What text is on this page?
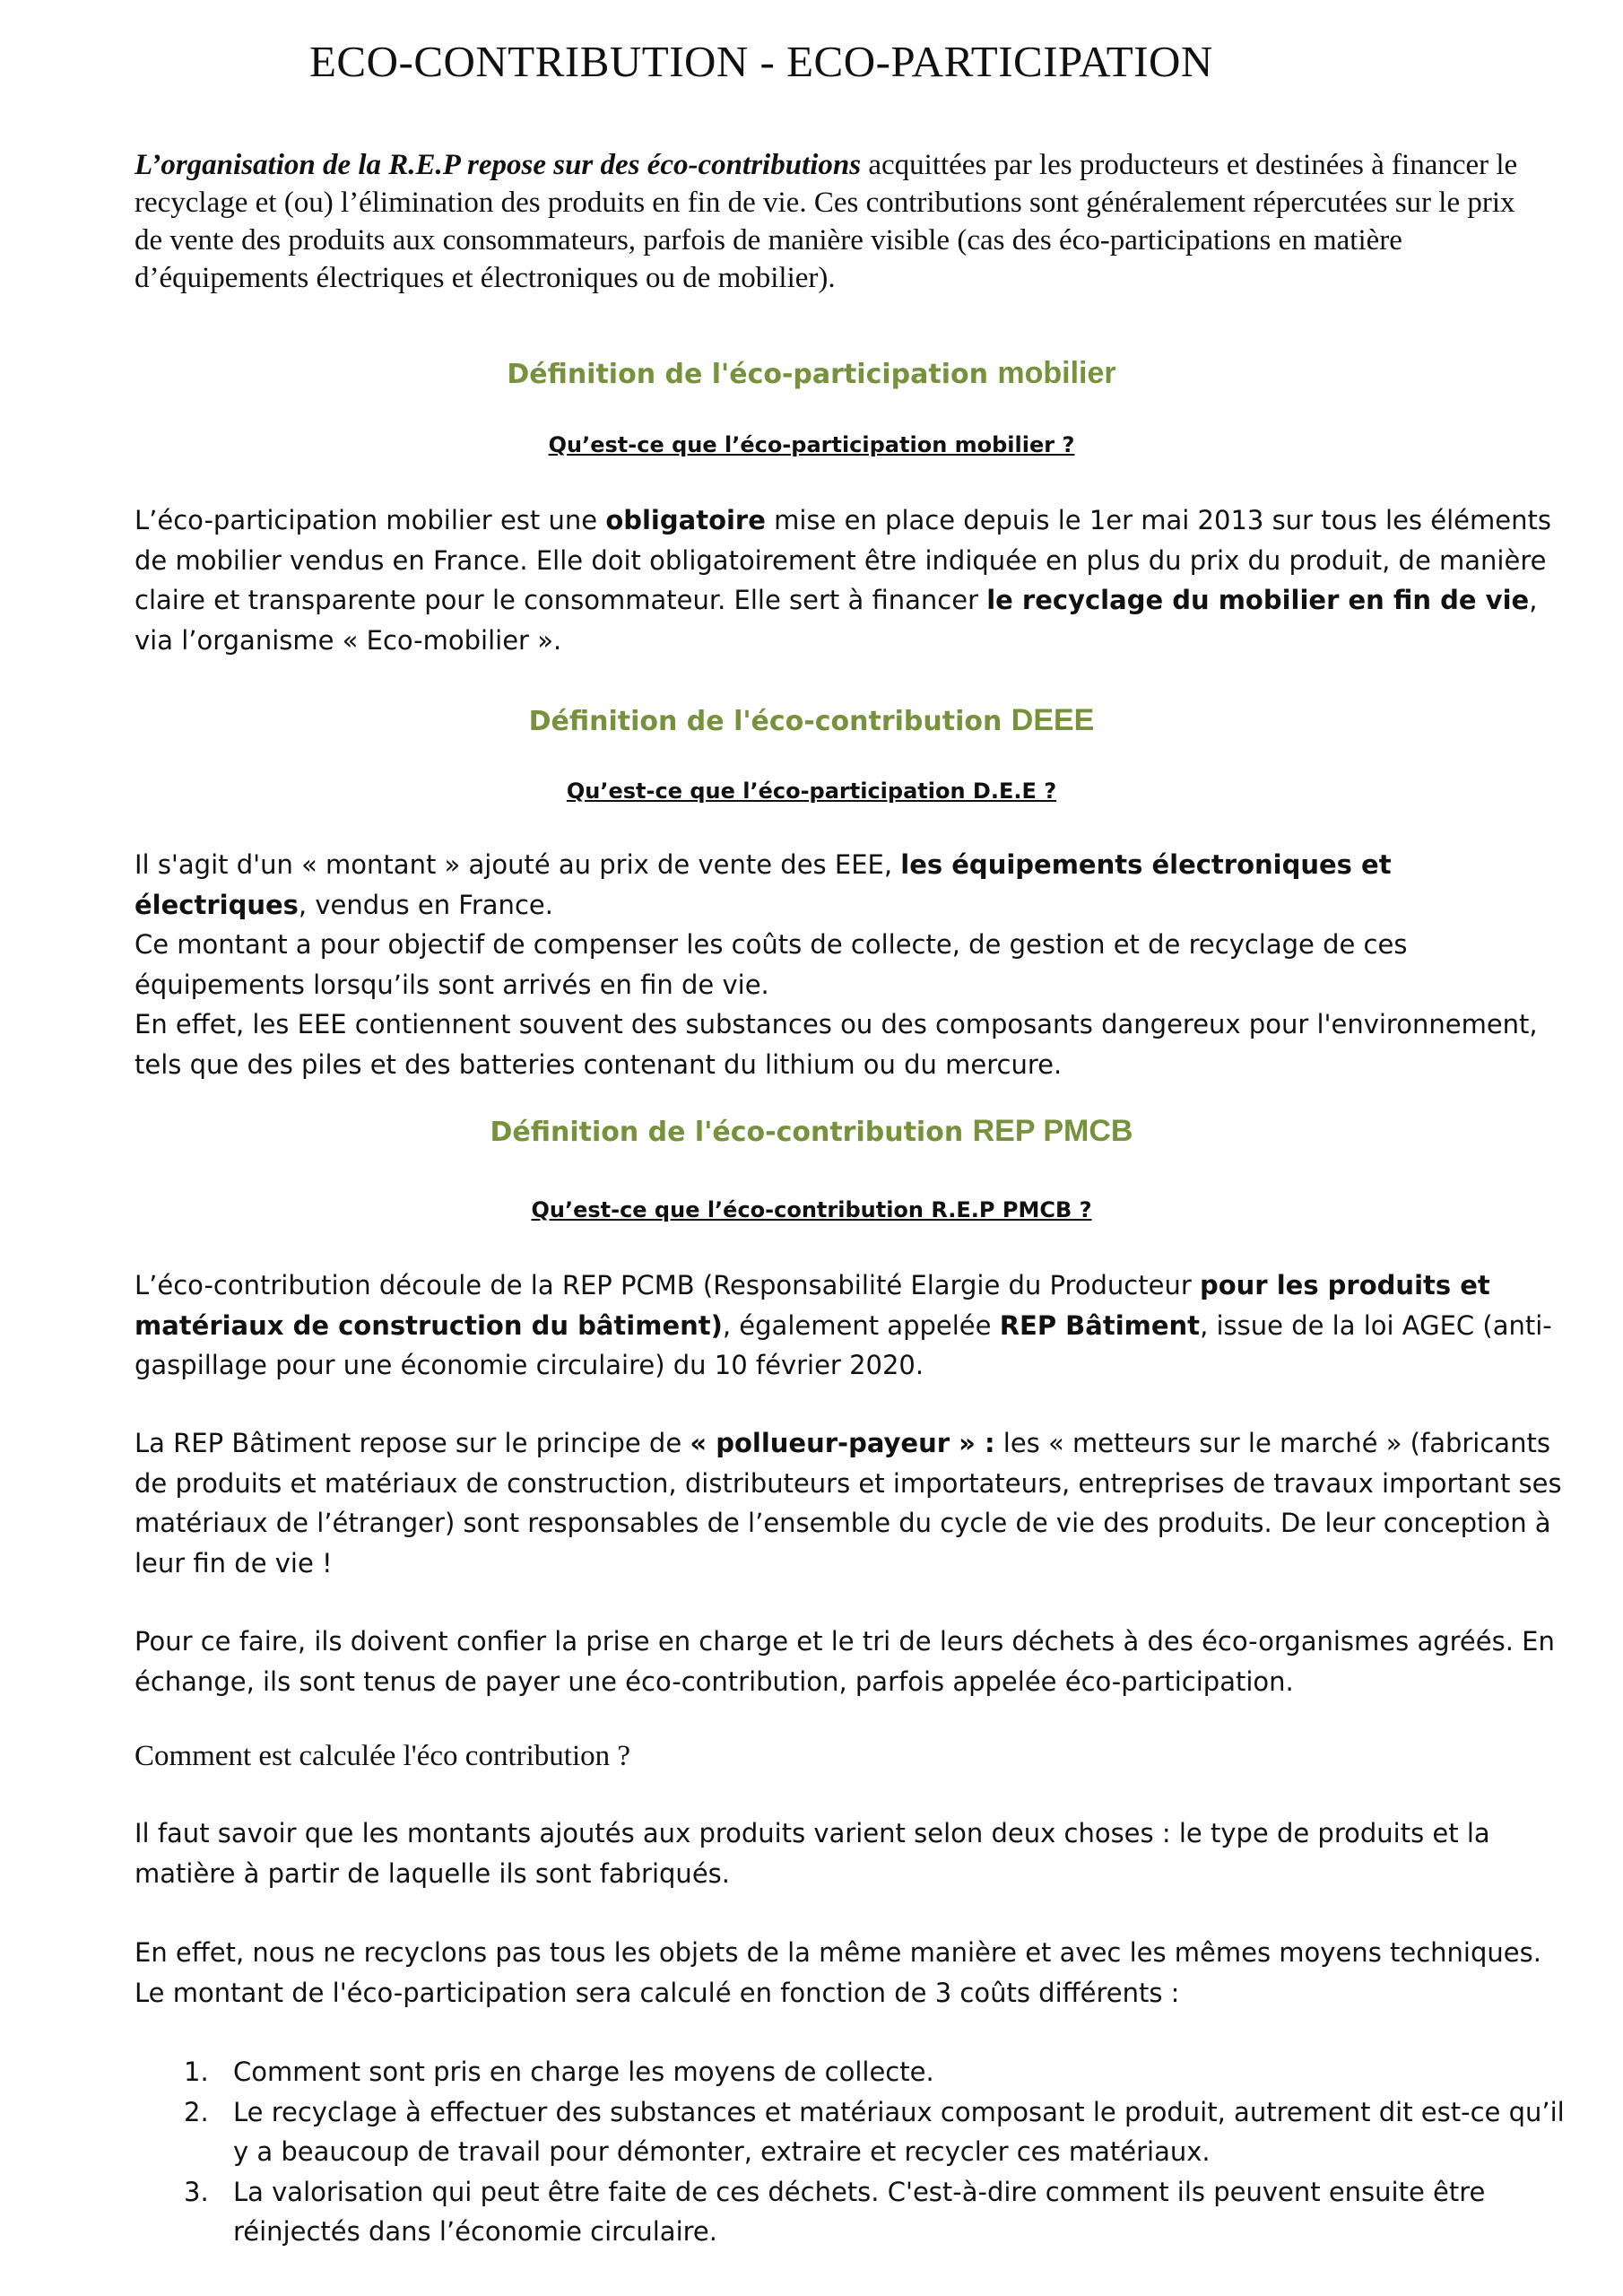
ECO-CONTRIBUTION - ECO-PARTICIPATION
L’organisation de la R.E.P repose sur des éco-contributions acquittées par les producteurs et destinées à financer le recyclage et (ou) l’élimination des produits en fin de vie. Ces contributions sont généralement répercutées sur le prix de vente des produits aux consommateurs, parfois de manière visible (cas des éco-participations en matière d’équipements électriques et électroniques ou de mobilier).
Définition de l'éco-participation mobilier
Qu’est-ce que l’éco-participation mobilier ?
L’éco-participation mobilier est une obligatoire mise en place depuis le 1er mai 2013 sur tous les éléments de mobilier vendus en France. Elle doit obligatoirement être indiquée en plus du prix du produit, de manière claire et transparente pour le consommateur. Elle sert à financer le recyclage du mobilier en fin de vie, via l’organisme « Eco-mobilier ».
Définition de l'éco-contribution DEEE
Qu’est-ce que l’éco-participation D.E.E ?
Il s'agit d'un « montant » ajouté au prix de vente des EEE, les équipements électroniques et électriques, vendus en France.
Ce montant a pour objectif de compenser les coûts de collecte, de gestion et de recyclage de ces équipements lorsqu’ils sont arrivés en fin de vie.
En effet, les EEE contiennent souvent des substances ou des composants dangereux pour l'environnement, tels que des piles et des batteries contenant du lithium ou du mercure.
Définition de l'éco-contribution REP PMCB
Qu’est-ce que l’éco-contribution R.E.P PMCB ?
L’éco-contribution découle de la REP PCMB (Responsabilité Elargie du Producteur pour les produits et matériaux de construction du bâtiment), également appelée REP Bâtiment, issue de la loi AGEC (anti-gaspillage pour une économie circulaire) du 10 février 2020.
La REP Bâtiment repose sur le principe de « pollueur-payeur » : les « metteurs sur le marché » (fabricants de produits et matériaux de construction, distributeurs et importateurs, entreprises de travaux important ses matériaux de l’étranger) sont responsables de l’ensemble du cycle de vie des produits. De leur conception à leur fin de vie !
Pour ce faire, ils doivent confier la prise en charge et le tri de leurs déchets à des éco-organismes agréés. En échange, ils sont tenus de payer une éco-contribution, parfois appelée éco-participation.
Comment est calculée l'éco contribution ?
Il faut savoir que les montants ajoutés aux produits varient selon deux choses : le type de produits et la matière à partir de laquelle ils sont fabriqués.
En effet, nous ne recyclons pas tous les objets de la même manière et avec les mêmes moyens techniques. Le montant de l'éco-participation sera calculé en fonction de 3 coûts différents :
1. Comment sont pris en charge les moyens de collecte.
2. Le recyclage à effectuer des substances et matériaux composant le produit, autrement dit est-ce qu’il y a beaucoup de travail pour démonter, extraire et recycler ces matériaux.
3. La valorisation qui peut être faite de ces déchets. C'est-à-dire comment ils peuvent ensuite être réinjectés dans l’économie circulaire.
